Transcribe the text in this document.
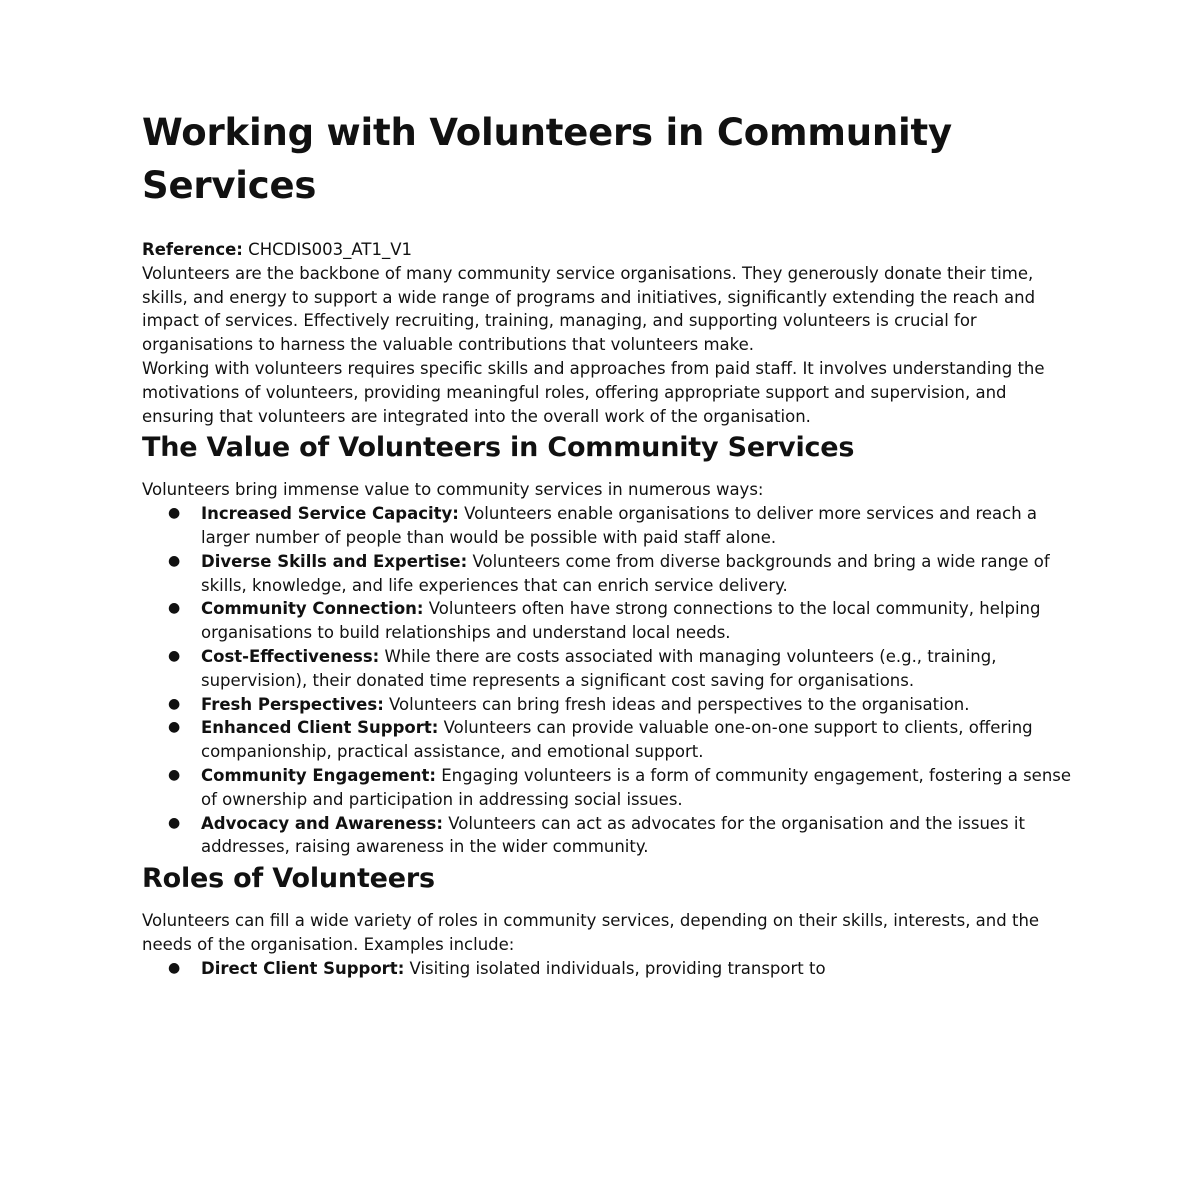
Working with Volunteers in Community Services
Reference: CHCDIS003_AT1_V1

Volunteers are the backbone of many community service organisations. They generously donate their time, skills, and energy to support a wide range of programs and initiatives, significantly extending the reach and impact of services. Effectively recruiting, training, managing, and supporting volunteers is crucial for organisations to harness the valuable contributions that volunteers make.

Working with volunteers requires specific skills and approaches from paid staff. It involves understanding the motivations of volunteers, providing meaningful roles, offering appropriate support and supervision, and ensuring that volunteers are integrated into the overall work of the organisation.

The Value of Volunteers in Community Services

Volunteers bring immense value to community services in numerous ways:

● Increased Service Capacity: Volunteers enable organisations to deliver more services and reach a larger number of people than would be possible with paid staff alone.
● Diverse Skills and Expertise: Volunteers come from diverse backgrounds and bring a wide range of skills, knowledge, and life experiences that can enrich service delivery.
● Community Connection: Volunteers often have strong connections to the local community, helping organisations to build relationships and understand local needs.
● Cost-Effectiveness: While there are costs associated with managing volunteers (e.g., training, supervision), their donated time represents a significant cost saving for organisations.
● Fresh Perspectives: Volunteers can bring fresh ideas and perspectives to the organisation.
● Enhanced Client Support: Volunteers can provide valuable one-on-one support to clients, offering companionship, practical assistance, and emotional support.
● Community Engagement: Engaging volunteers is a form of community engagement, fostering a sense of ownership and participation in addressing social issues.
● Advocacy and Awareness: Volunteers can act as advocates for the organisation and the issues it addresses, raising awareness in the wider community.
Roles of Volunteers

Volunteers can fill a wide variety of roles in community services, depending on their skills, interests, and the needs of the organisation. Examples include:

● Direct Client Support: Visiting isolated individuals, providing transport to
